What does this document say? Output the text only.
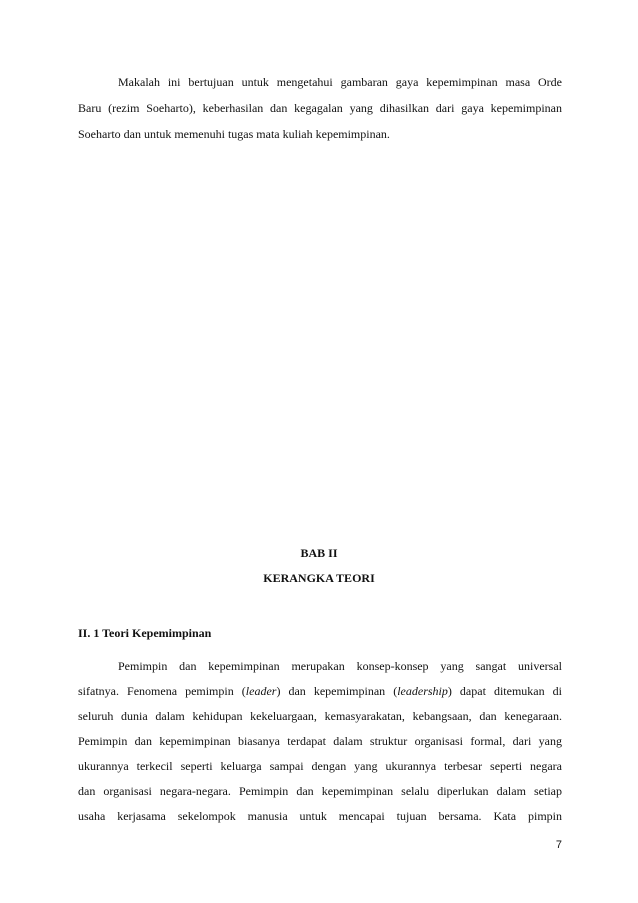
Makalah ini bertujuan untuk mengetahui gambaran gaya kepemimpinan masa Orde
Baru (rezim Soeharto), keberhasilan dan kegagalan yang dihasilkan dari gaya kepemimpinan
Soeharto dan untuk memenuhi tugas mata kuliah kepemimpinan.
BAB II
KERANGKA TEORI
II. 1 Teori Kepemimpinan
Pemimpin dan kepemimpinan merupakan konsep-konsep yang sangat universal
sifatnya. Fenomena pemimpin (leader) dan kepemimpinan (leadership) dapat ditemukan di
seluruh dunia dalam kehidupan kekeluargaan, kemasyarakatan, kebangsaan, dan kenegaraan.
Pemimpin dan kepemimpinan biasanya terdapat dalam struktur organisasi formal, dari yang
ukurannya terkecil seperti keluarga sampai dengan yang ukurannya terbesar seperti negara
dan organisasi negara-negara. Pemimpin dan kepemimpinan selalu diperlukan dalam setiap
usaha kerjasama sekelompok manusia untuk mencapai tujuan bersama. Kata pimpin
7
